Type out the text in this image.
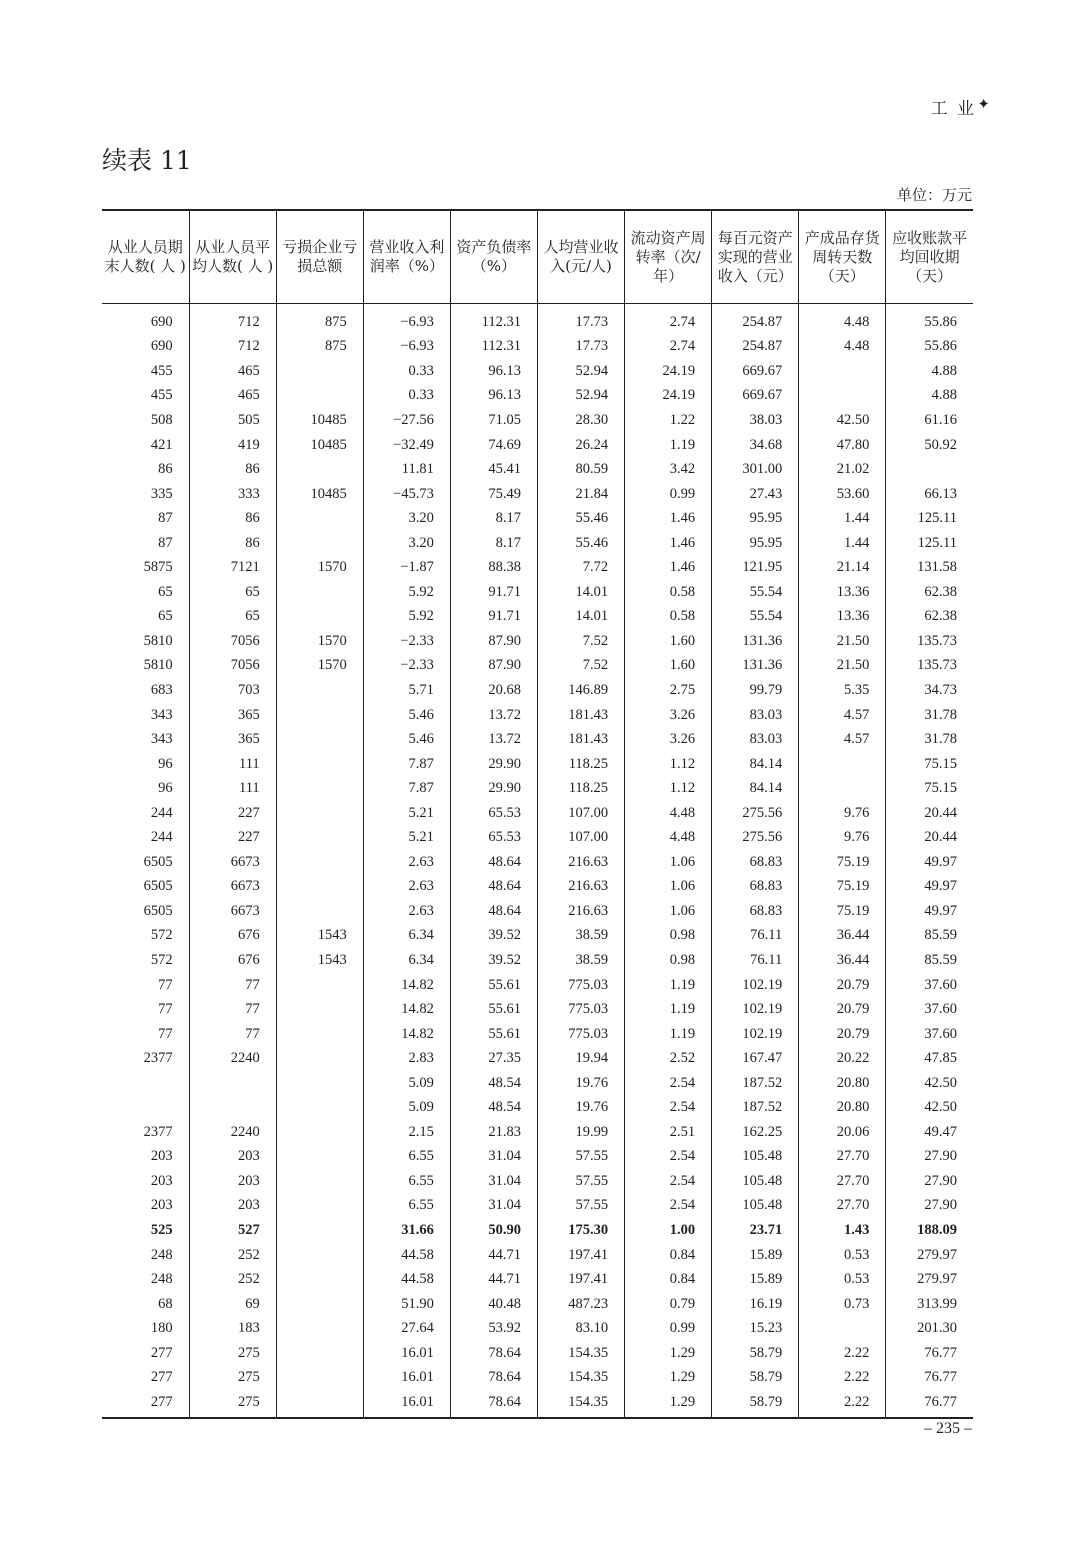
工 业 ✦
续表 11
单位：万元
从业人员期末人数( 人 )	从业人员平均人数( 人 )	亏损企业亏损总额	营业收入利润率（%）	资产负债率（%）	人均营业收入(元/人)	流动资产周转率（次/年）	每百元资产实现的营业收入（元）	产成品存货周转天数（天）	应收账款平均回收期（天）
690	712	875	−6.93	112.31	17.73	2.74	254.87	4.48	55.86
690	712	875	−6.93	112.31	17.73	2.74	254.87	4.48	55.86
455	465		0.33	96.13	52.94	24.19	669.67		4.88
455	465		0.33	96.13	52.94	24.19	669.67		4.88
508	505	10485	−27.56	71.05	28.30	1.22	38.03	42.50	61.16
421	419	10485	−32.49	74.69	26.24	1.19	34.68	47.80	50.92
86	86		11.81	45.41	80.59	3.42	301.00	21.02	
335	333	10485	−45.73	75.49	21.84	0.99	27.43	53.60	66.13
87	86		3.20	8.17	55.46	1.46	95.95	1.44	125.11
87	86		3.20	8.17	55.46	1.46	95.95	1.44	125.11
5875	7121	1570	−1.87	88.38	7.72	1.46	121.95	21.14	131.58
65	65		5.92	91.71	14.01	0.58	55.54	13.36	62.38
65	65		5.92	91.71	14.01	0.58	55.54	13.36	62.38
5810	7056	1570	−2.33	87.90	7.52	1.60	131.36	21.50	135.73
5810	7056	1570	−2.33	87.90	7.52	1.60	131.36	21.50	135.73
683	703		5.71	20.68	146.89	2.75	99.79	5.35	34.73
343	365		5.46	13.72	181.43	3.26	83.03	4.57	31.78
343	365		5.46	13.72	181.43	3.26	83.03	4.57	31.78
96	111		7.87	29.90	118.25	1.12	84.14		75.15
96	111		7.87	29.90	118.25	1.12	84.14		75.15
244	227		5.21	65.53	107.00	4.48	275.56	9.76	20.44
244	227		5.21	65.53	107.00	4.48	275.56	9.76	20.44
6505	6673		2.63	48.64	216.63	1.06	68.83	75.19	49.97
6505	6673		2.63	48.64	216.63	1.06	68.83	75.19	49.97
6505	6673		2.63	48.64	216.63	1.06	68.83	75.19	49.97
572	676	1543	6.34	39.52	38.59	0.98	76.11	36.44	85.59
572	676	1543	6.34	39.52	38.59	0.98	76.11	36.44	85.59
77	77		14.82	55.61	775.03	1.19	102.19	20.79	37.60
77	77		14.82	55.61	775.03	1.19	102.19	20.79	37.60
77	77		14.82	55.61	775.03	1.19	102.19	20.79	37.60
2377	2240		2.83	27.35	19.94	2.52	167.47	20.22	47.85
			5.09	48.54	19.76	2.54	187.52	20.80	42.50
			5.09	48.54	19.76	2.54	187.52	20.80	42.50
2377	2240		2.15	21.83	19.99	2.51	162.25	20.06	49.47
203	203		6.55	31.04	57.55	2.54	105.48	27.70	27.90
203	203		6.55	31.04	57.55	2.54	105.48	27.70	27.90
203	203		6.55	31.04	57.55	2.54	105.48	27.70	27.90
525	527		31.66	50.90	175.30	1.00	23.71	1.43	188.09
248	252		44.58	44.71	197.41	0.84	15.89	0.53	279.97
248	252		44.58	44.71	197.41	0.84	15.89	0.53	279.97
68	69		51.90	40.48	487.23	0.79	16.19	0.73	313.99
180	183		27.64	53.92	83.10	0.99	15.23		201.30
277	275		16.01	78.64	154.35	1.29	58.79	2.22	76.77
277	275		16.01	78.64	154.35	1.29	58.79	2.22	76.77
277	275		16.01	78.64	154.35	1.29	58.79	2.22	76.77
– 235 –
